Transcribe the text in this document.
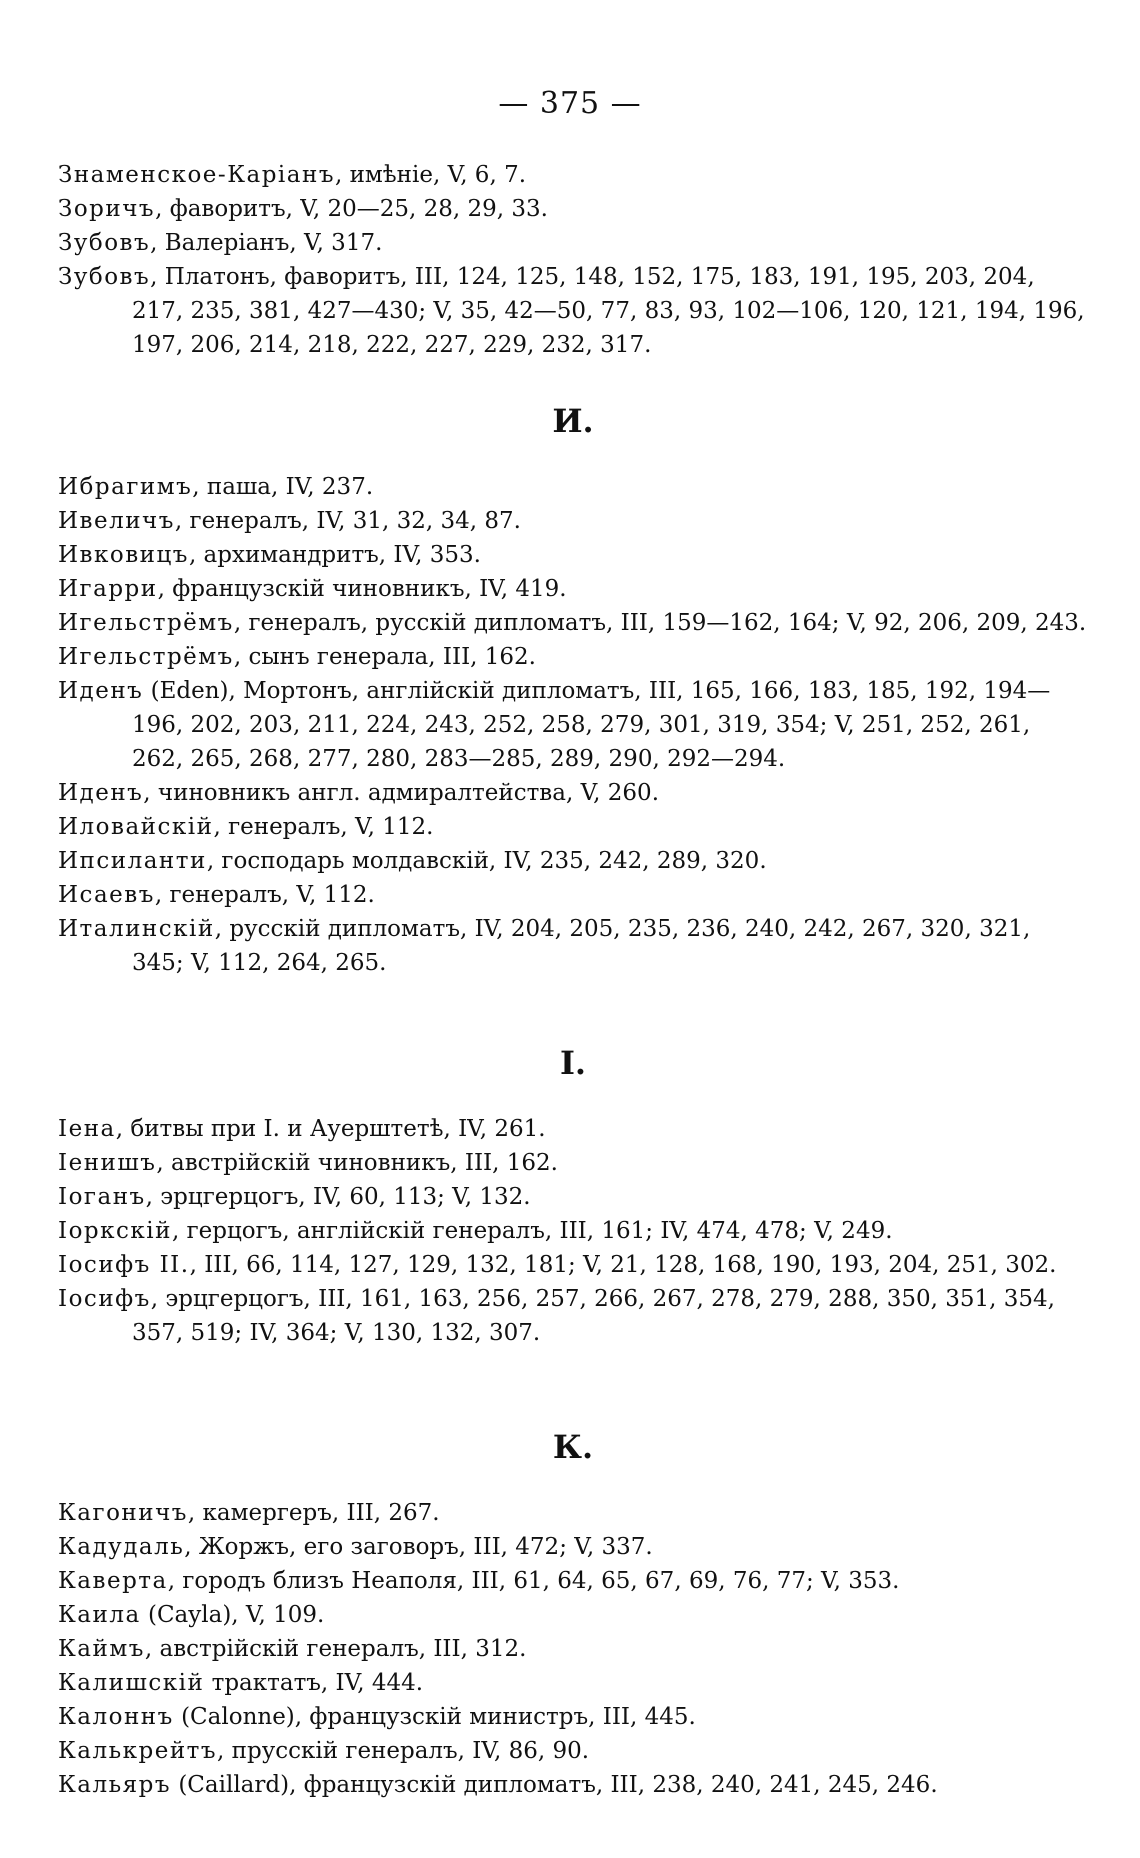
— 375 —
Знаменское-Каріанъ, имѣніе, V, 6, 7.
Зоричъ, фаворитъ, V, 20—25, 28, 29, 33.
Зубовъ, Валеріанъ, V, 317.
Зубовъ, Платонъ, фаворитъ, III, 124, 125, 148, 152, 175, 183, 191, 195, 203, 204, 217, 235, 381, 427—430; V, 35, 42—50, 77, 83, 93, 102—106, 120, 121, 194, 196, 197, 206, 214, 218, 222, 227, 229, 232, 317.
И.
Ибрагимъ, паша, IV, 237.
Ивеличъ, генералъ, IV, 31, 32, 34, 87.
Ивковицъ, архимандритъ, IV, 353.
Игарри, французскій чиновникъ, IV, 419.
Игельстрёмъ, генералъ, русскій дипломатъ, III, 159—162, 164; V, 92, 206, 209, 243.
Игельстрёмъ, сынъ генерала, III, 162.
Иденъ (Eden), Мортонъ, англійскій дипломатъ, III, 165, 166, 183, 185, 192, 194—196, 202, 203, 211, 224, 243, 252, 258, 279, 301, 319, 354; V, 251, 252, 261, 262, 265, 268, 277, 280, 283—285, 289, 290, 292—294.
Иденъ, чиновникъ англ. адмиралтейства, V, 260.
Иловайскій, генералъ, V, 112.
Ипсиланти, господарь молдавскій, IV, 235, 242, 289, 320.
Исаевъ, генералъ, V, 112.
Италинскій, русскій дипломатъ, IV, 204, 205, 235, 236, 240, 242, 267, 320, 321, 345; V, 112, 264, 265.
I.
Іена, битвы при І. и Ауерштетѣ, IV, 261.
Іенишъ, австрійскій чиновникъ, III, 162.
Іоганъ, эрцгерцогъ, IV, 60, 113; V, 132.
Іоркскій, герцогъ, англійскій генералъ, III, 161; IV, 474, 478; V, 249.
Іосифъ II., III, 66, 114, 127, 129, 132, 181; V, 21, 128, 168, 190, 193, 204, 251, 302.
Іосифъ, эрцгерцогъ, III, 161, 163, 256, 257, 266, 267, 278, 279, 288, 350, 351, 354, 357, 519; IV, 364; V, 130, 132, 307.
К.
Кагоничъ, камергеръ, III, 267.
Кадудаль, Жоржъ, его заговоръ, III, 472; V, 337.
Каверта, городъ близъ Неаполя, III, 61, 64, 65, 67, 69, 76, 77; V, 353.
Каила (Cayla), V, 109.
Каймъ, австрійскій генералъ, III, 312.
Калишскій трактатъ, IV, 444.
Калоннъ (Calonne), французскій министръ, III, 445.
Калькрейтъ, прусскій генералъ, IV, 86, 90.
Кальяръ (Caillard), французскій дипломатъ, III, 238, 240, 241, 245, 246.
